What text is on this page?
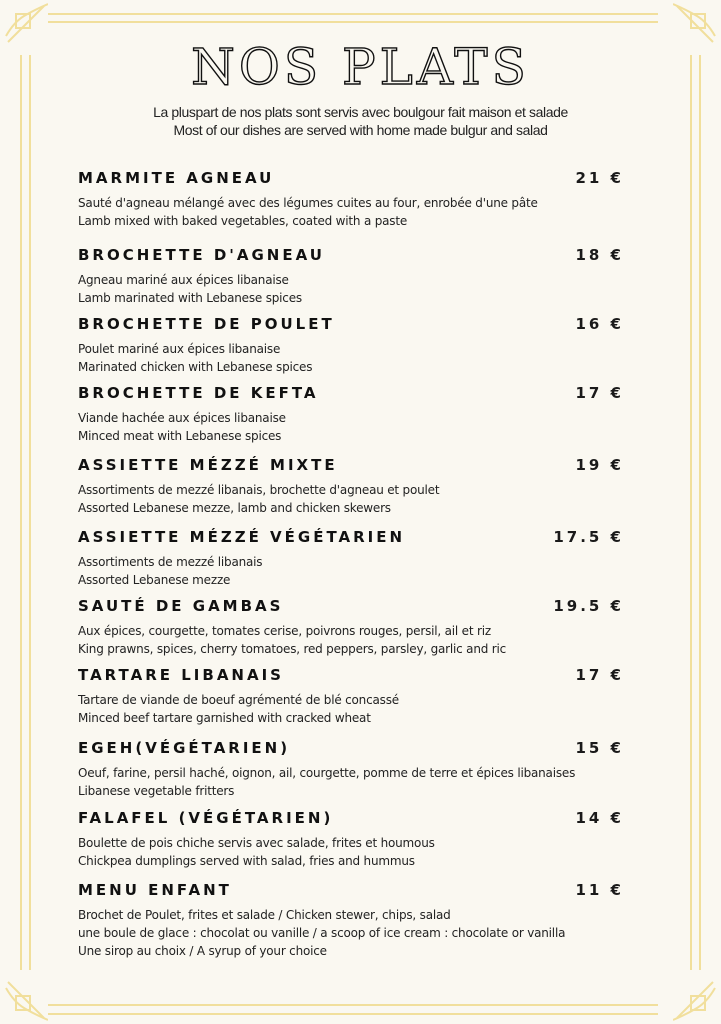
NOS PLATS
La pluspart de nos plats sont servis avec boulgour fait maison et salade
Most of our dishes are served with home made bulgur and salad
MARMITE AGNEAU	21 €
Sauté d'agneau mélangé avec des légumes cuites au four, enrobée d'une pâte
Lamb mixed with baked vegetables, coated with a paste
BROCHETTE D'AGNEAU	18 €
Agneau mariné aux épices libanaise
Lamb marinated with Lebanese spices
BROCHETTE DE POULET	16 €
Poulet mariné aux épices libanaise
Marinated chicken with Lebanese spices
BROCHETTE DE KEFTA	17 €
Viande hachée aux épices libanaise
Minced meat with Lebanese spices
ASSIETTE MÉZZÉ MIXTE	19 €
Assortiments de mezzé libanais, brochette d'agneau et poulet
Assorted Lebanese mezze, lamb and chicken skewers
ASSIETTE MÉZZÉ VÉGÉTARIEN	17.5 €
Assortiments de mezzé libanais
Assorted Lebanese mezze
SAUTÉ DE GAMBAS	19.5 €
Aux épices, courgette, tomates cerise, poivrons rouges, persil, ail et riz
King prawns, spices, cherry tomatoes, red peppers, parsley, garlic and ric
TARTARE LIBANAIS	17 €
Tartare de viande de boeuf agrémenté de blé concassé
Minced beef tartare garnished with cracked wheat
EGEH(VÉGÉTARIEN)	15 €
Oeuf, farine, persil haché, oignon, ail, courgette, pomme de terre et épices libanaises
Libanese vegetable fritters
FALAFEL (VÉGÉTARIEN)	14 €
Boulette de pois chiche servis avec salade, frites et houmous
Chickpea dumplings served with salad, fries and hummus
MENU ENFANT	11 €
Brochet de Poulet, frites et salade / Chicken stewer, chips, salad
une boule de glace : chocolat ou vanille / a scoop of ice cream : chocolate or vanilla
Une sirop au choix / A syrup of your choice
